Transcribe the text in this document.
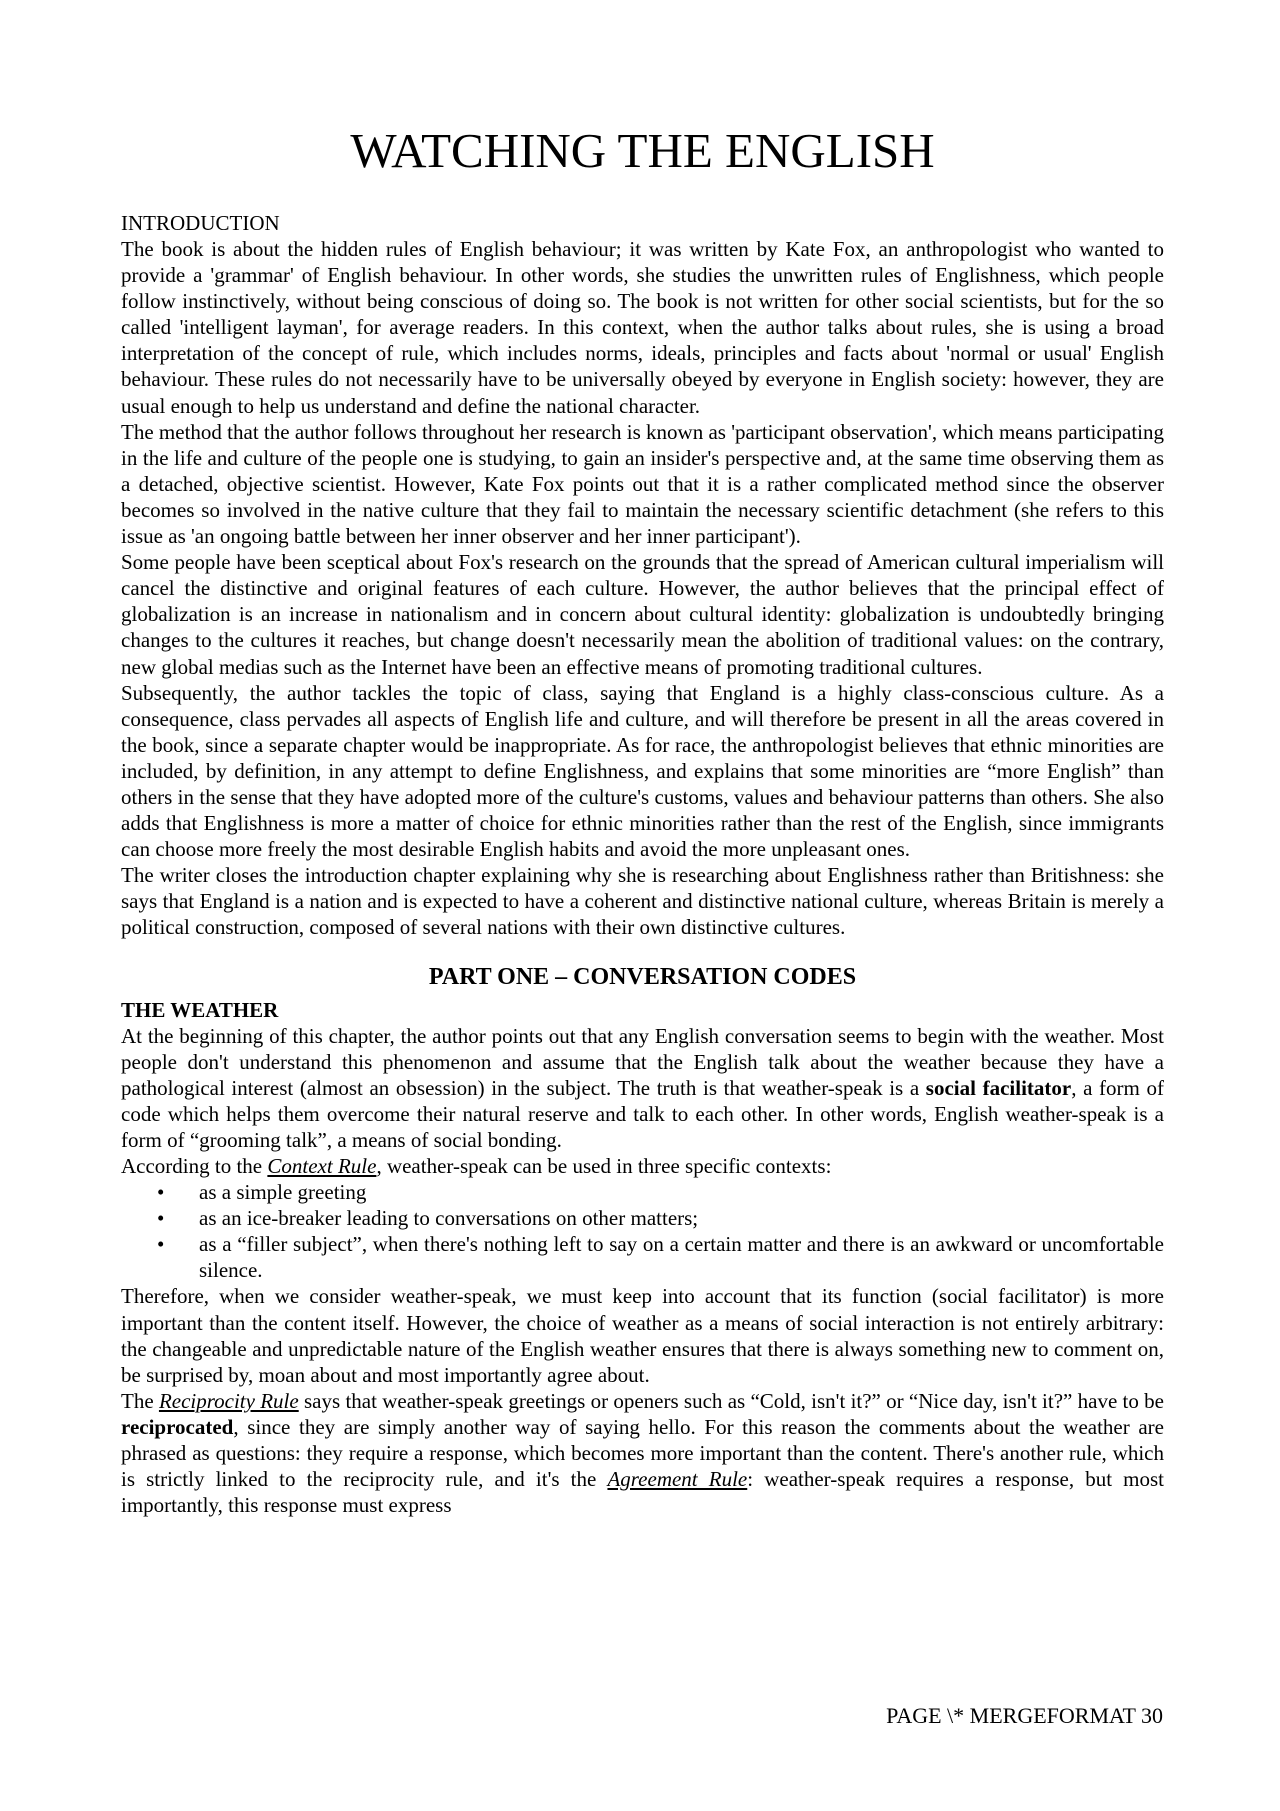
WATCHING THE ENGLISH
INTRODUCTION

The book is about the hidden rules of English behaviour; it was written by Kate Fox, an anthropologist who wanted to provide a 'grammar' of English behaviour. In other words, she studies the unwritten rules of Englishness, which people follow instinctively, without being conscious of doing so. The book is not written for other social scientists, but for the so called 'intelligent layman', for average readers. In this context, when the author talks about rules, she is using a broad interpretation of the concept of rule, which includes norms, ideals, principles and facts about 'normal or usual' English behaviour. These rules do not necessarily have to be universally obeyed by everyone in English society: however, they are usual enough to help us understand and define the national character.

The method that the author follows throughout her research is known as 'participant observation', which means participating in the life and culture of the people one is studying, to gain an insider's perspective and, at the same time observing them as a detached, objective scientist. However, Kate Fox points out that it is a rather complicated method since the observer becomes so involved in the native culture that they fail to maintain the necessary scientific detachment (she refers to this issue as 'an ongoing battle between her inner observer and her inner participant').

Some people have been sceptical about Fox's research on the grounds that the spread of American cultural imperialism will cancel the distinctive and original features of each culture. However, the author believes that the principal effect of globalization is an increase in nationalism and in concern about cultural identity: globalization is undoubtedly bringing changes to the cultures it reaches, but change doesn't necessarily mean the abolition of traditional values: on the contrary, new global medias such as the Internet have been an effective means of promoting traditional cultures.

Subsequently, the author tackles the topic of class, saying that England is a highly class-conscious culture. As a consequence, class pervades all aspects of English life and culture, and will therefore be present in all the areas covered in the book, since a separate chapter would be inappropriate. As for race, the anthropologist believes that ethnic minorities are included, by definition, in any attempt to define Englishness, and explains that some minorities are “more English” than others in the sense that they have adopted more of the culture's customs, values and behaviour patterns than others. She also adds that Englishness is more a matter of choice for ethnic minorities rather than the rest of the English, since immigrants can choose more freely the most desirable English habits and avoid the more unpleasant ones.

The writer closes the introduction chapter explaining why she is researching about Englishness rather than Britishness: she says that England is a nation and is expected to have a coherent and distinctive national culture, whereas Britain is merely a political construction, composed of several nations with their own distinctive cultures.

PART ONE – CONVERSATION CODES
THE WEATHER

At the beginning of this chapter, the author points out that any English conversation seems to begin with the weather. Most people don't understand this phenomenon and assume that the English talk about the weather because they have a pathological interest (almost an obsession) in the subject. The truth is that weather-speak is a social facilitator, a form of code which helps them overcome their natural reserve and talk to each other. In other words, English weather-speak is a form of “grooming talk”, a means of social bonding.

According to the Context Rule, weather-speak can be used in three specific contexts:

• as a simple greeting
• as an ice-breaker leading to conversations on other matters;
• as a “filler subject”, when there's nothing left to say on a certain matter and there is an awkward or uncomfortable silence.

Therefore, when we consider weather-speak, we must keep into account that its function (social facilitator) is more important than the content itself. However, the choice of weather as a means of social interaction is not entirely arbitrary: the changeable and unpredictable nature of the English weather ensures that there is always something new to comment on, be surprised by, moan about and most importantly agree about.

The Reciprocity Rule says that weather-speak greetings or openers such as “Cold, isn't it?” or “Nice day, isn't it?” have to be reciprocated, since they are simply another way of saying hello. For this reason the comments about the weather are phrased as questions: they require a response, which becomes more important than the content. There's another rule, which is strictly linked to the reciprocity rule, and it's the Agreement Rule: weather-speak requires a response, but most importantly, this response must express

PAGE \* MERGEFORMAT 30
